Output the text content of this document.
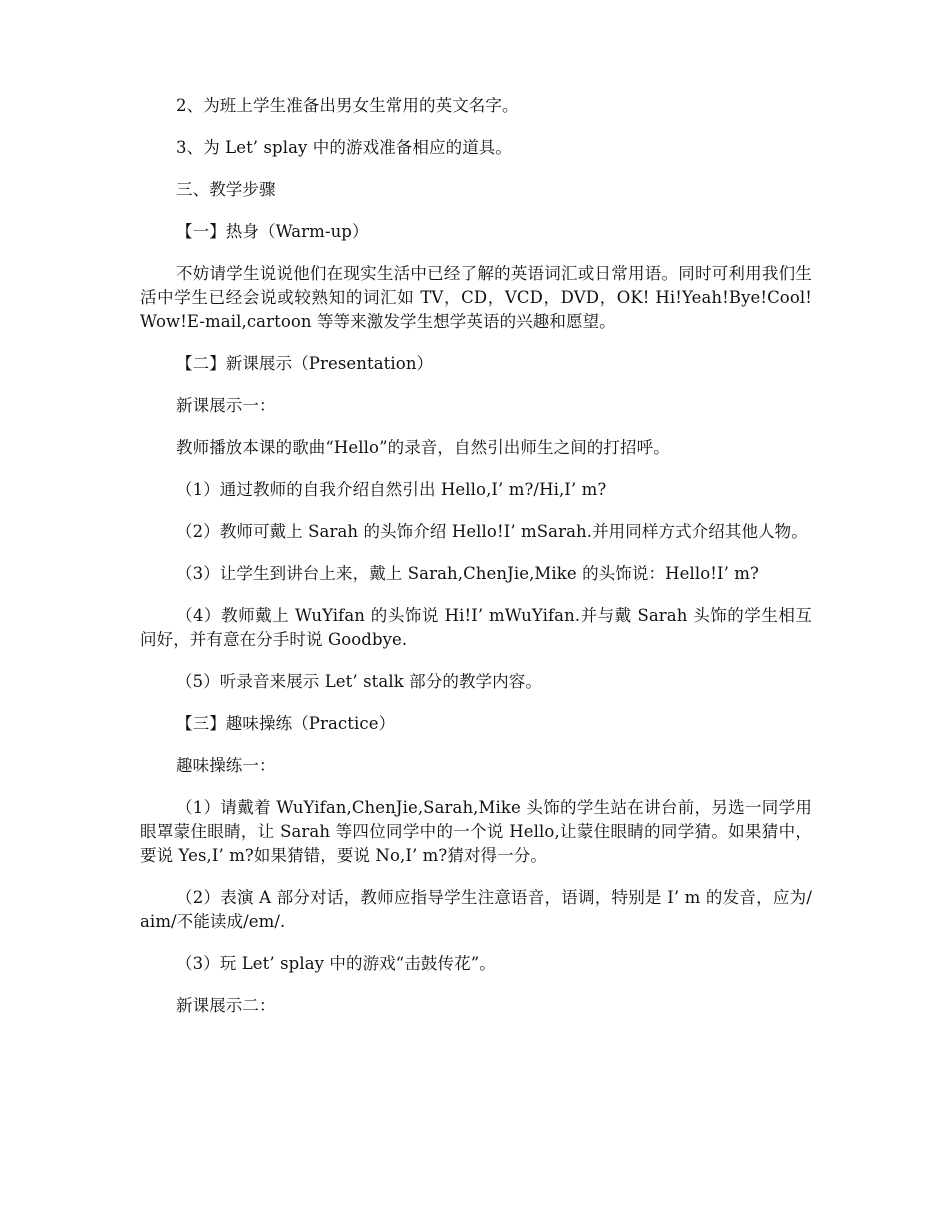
2、为班上学生准备出男女生常用的英文名字。

3、为 Let’ splay 中的游戏准备相应的道具。

三、教学步骤

【一】热身（Warm-up）

不妨请学生说说他们在现实生活中已经了解的英语词汇或日常用语。同时可利用我们生活中学生已经会说或较熟知的词汇如 TV，CD，VCD，DVD，OK! Hi!Yeah!Bye!Cool!Wow!E-mail,cartoon 等等来激发学生想学英语的兴趣和愿望。

【二】新课展示（Presentation）

新课展示一：

教师播放本课的歌曲“Hello”的录音，自然引出师生之间的打招呼。

（1）通过教师的自我介绍自然引出 Hello,I’ m?/Hi,I’ m?

（2）教师可戴上 Sarah 的头饰介绍 Hello!I’ mSarah.并用同样方式介绍其他人物。

（3）让学生到讲台上来，戴上 Sarah,ChenJie,Mike 的头饰说：Hello!I’ m?

（4）教师戴上 WuYifan 的头饰说 Hi!I’ mWuYifan.并与戴 Sarah 头饰的学生相互问好，并有意在分手时说 Goodbye.

（5）听录音来展示 Let’ stalk 部分的教学内容。

【三】趣味操练（Practice）

趣味操练一：

（1）请戴着 WuYifan,ChenJie,Sarah,Mike 头饰的学生站在讲台前，另选一同学用眼罩蒙住眼睛，让 Sarah 等四位同学中的一个说 Hello,让蒙住眼睛的同学猜。如果猜中，要说 Yes,I’ m?如果猜错，要说 No,I’ m?猜对得一分。

（2）表演 A 部分对话，教师应指导学生注意语音，语调，特别是 I’ m 的发音，应为/aim/不能读成/em/.

（3）玩 Let’ splay 中的游戏“击鼓传花”。

新课展示二：
